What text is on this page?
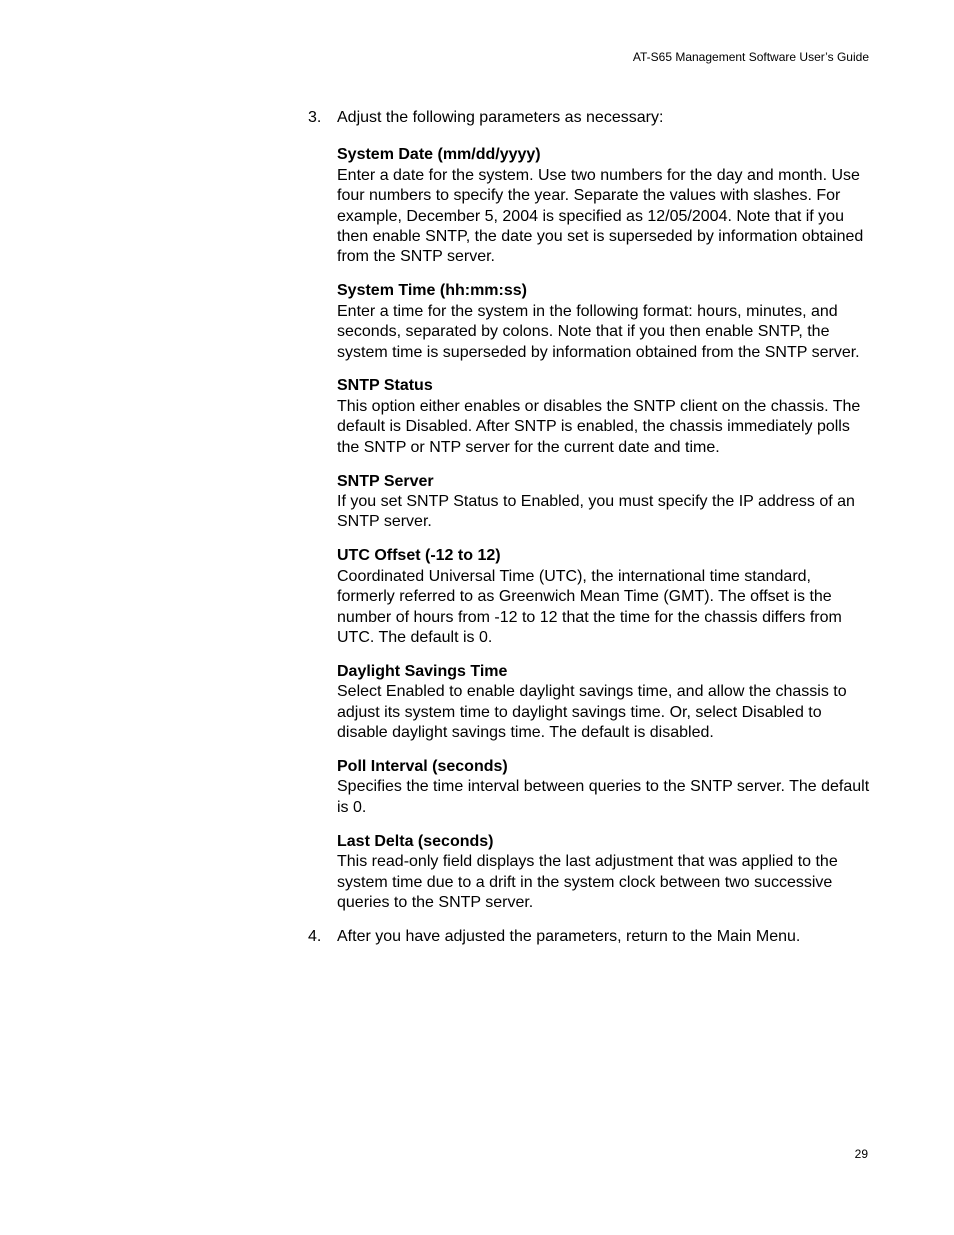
AT-S65 Management Software User’s Guide
3. Adjust the following parameters as necessary:
System Date (mm/dd/yyyy)
Enter a date for the system. Use two numbers for the day and month. Use four numbers to specify the year. Separate the values with slashes. For example, December 5, 2004 is specified as 12/05/2004. Note that if you then enable SNTP, the date you set is superseded by information obtained from the SNTP server.
System Time (hh:mm:ss)
Enter a time for the system in the following format: hours, minutes, and seconds, separated by colons. Note that if you then enable SNTP, the system time is superseded by information obtained from the SNTP server.
SNTP Status
This option either enables or disables the SNTP client on the chassis. The default is Disabled. After SNTP is enabled, the chassis immediately polls the SNTP or NTP server for the current date and time.
SNTP Server
If you set SNTP Status to Enabled, you must specify the IP address of an SNTP server.
UTC Offset (-12 to 12)
Coordinated Universal Time (UTC), the international time standard, formerly referred to as Greenwich Mean Time (GMT). The offset is the number of hours from -12 to 12 that the time for the chassis differs from UTC. The default is 0.
Daylight Savings Time
Select Enabled to enable daylight savings time, and allow the chassis to adjust its system time to daylight savings time. Or, select Disabled to disable daylight savings time. The default is disabled.
Poll Interval (seconds)
Specifies the time interval between queries to the SNTP server. The default is 0.
Last Delta (seconds)
This read-only field displays the last adjustment that was applied to the system time due to a drift in the system clock between two successive queries to the SNTP server.
4. After you have adjusted the parameters, return to the Main Menu.
29
